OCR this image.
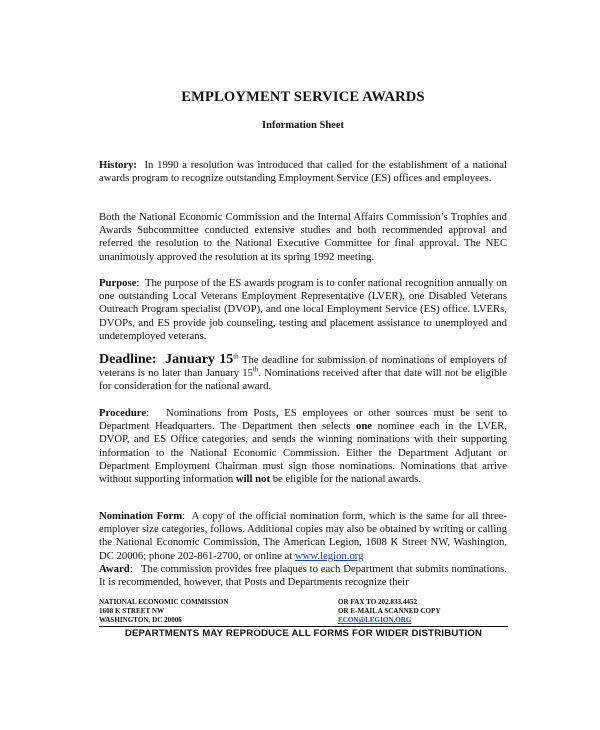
EMPLOYMENT SERVICE AWARDS
Information Sheet

History: In 1990 a resolution was introduced that called for the establishment of a national awards program to recognize outstanding Employment Service (ES) offices and employees.

Both the National Economic Commission and the Internal Affairs Commission’s Trophies and Awards Subcommittee conducted extensive studies and both recommended approval and referred the resolution to the National Executive Committee for final approval. The NEC unanimously approved the resolution at its spring 1992 meeting.

Purpose:  The purpose of the ES awards program is to confer national recognition annually on one outstanding Local Veterans Employment Representative (LVER), one Disabled Veterans Outreach Program specialist (DVOP), and one local Employment Service (ES) office. LVERs, DVOPs, and ES provide job counseling, testing and placement assistance to unemployed and underemployed veterans.

Deadline:  January 15th The deadline for submission of nominations of employers of veterans is no later than January 15th. Nominations received after that date will not be eligible for consideration for the national award.

Procedure:   Nominations from Posts, ES employees or other sources must be sent to Department Headquarters. The Department then selects one nominee each in the LVER, DVOP, and ES Office categories, and sends the winning nominations with their supporting information to the National Economic Commission. Either the Department Adjutant or Department Employment Chairman must sign those nominations. Nominations that arrive without supporting information will not be eligible for the national awards.

Nomination Form:  A copy of the official nomination form, which is the same for all three-employer size categories, follows. Additional copies may also be obtained by writing or calling the National Economic Commission, The American Legion, 1608 K Street NW, Washington, DC 20006; phone 202-861-2700, or online at www.legion.org
Award:   The commission provides free plaques to each Department that submits nominations. It is recommended, however, that Posts and Departments recognize their

NATIONAL ECONOMIC COMMISSION
1608 K STREET NW
WASHINGTON, DC 20006
OR FAX TO 202.833.4452
OR E-MAIL A SCANNED COPY
ECON@LEGION.ORG
DEPARTMENTS MAY REPRODUCE ALL FORMS FOR WIDER DISTRIBUTION
